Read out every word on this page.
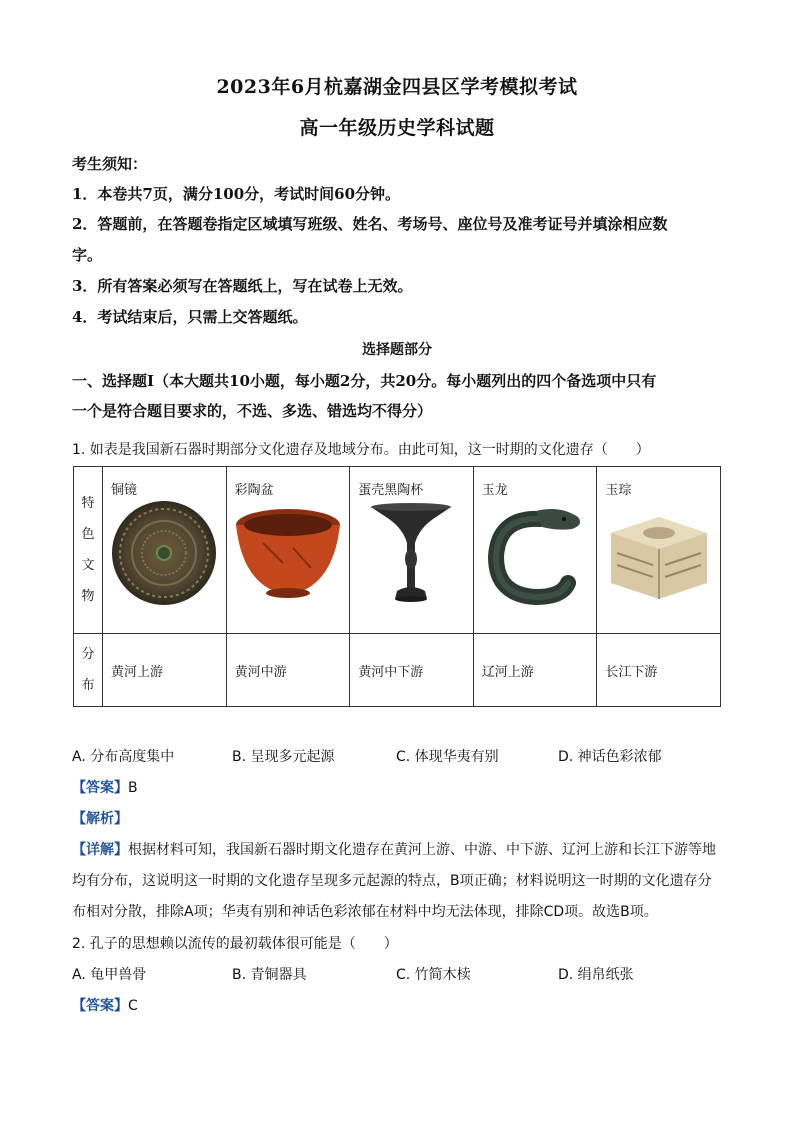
2023年6月杭嘉湖金四县区学考模拟考试
高一年级历史学科试题
考生须知：
1．本卷共7页，满分100分，考试时间60分钟。
2．答题前，在答题卷指定区域填写班级、姓名、考场号、座位号及准考证号并填涂相应数
字。
3．所有答案必须写在答题纸上，写在试卷上无效。
4．考试结束后，只需上交答题纸。
选择题部分
一、选择题Ⅰ（本大题共10小题，每小题2分，共20分。每小题列出的四个备选项中只有
一个是符合题目要求的，不选、多选、错选均不得分）
1. 如表是我国新石器时期部分文化遗存及地域分布。由此可知，这一时期的文化遗存（　　）
特
色
文
物	铜镜	彩陶盆	蛋壳黑陶杯	玉龙	玉琮

分
布	黄河上游	黄河中游	黄河中下游	辽河上游	长江下游
A. 分布高度集中	B. 呈现多元起源	C. 体现华夷有别	D. 神话色彩浓郁
【答案】B
【解析】
【详解】根据材料可知，我国新石器时期文化遗存在黄河上游、中游、中下游、辽河上游和长江下游等地
均有分布，这说明这一时期的文化遗存呈现多元起源的特点，B项正确；材料说明这一时期的文化遗存分
布相对分散，排除A项；华夷有别和神话色彩浓郁在材料中均无法体现，排除CD项。故选B项。
2. 孔子的思想赖以流传的最初载体很可能是（　　）
A. 龟甲兽骨	B. 青铜器具	C. 竹简木椟	D. 绢帛纸张
【答案】C
